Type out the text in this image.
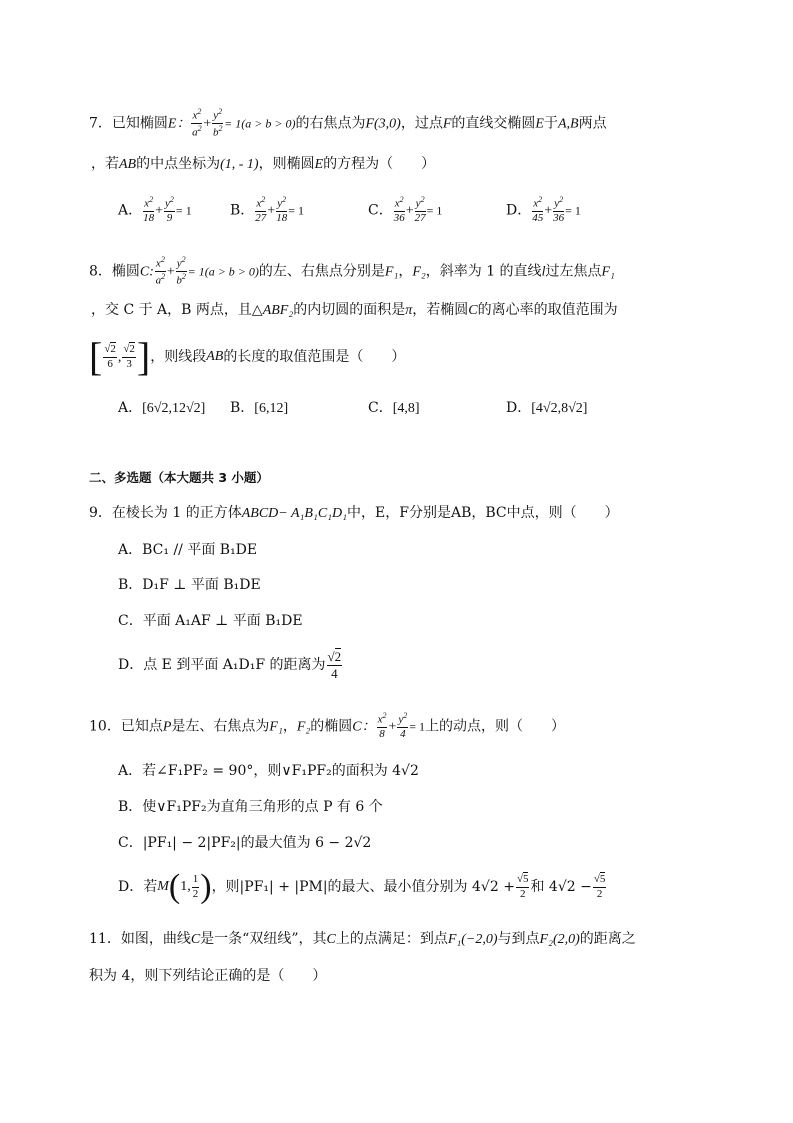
7．已知椭圆E： $\frac{x^2}{a^2} + \frac{y^2}{b^2} = 1(a > b > 0)$的右焦点为F(3,0)，过点F的直线交椭圆E于A,B两点
，若AB的中点坐标为(1, - 1)，则椭圆E的方程为（　　）
A． $\frac{x^2}{18} + \frac{y^2}{9} = 1$	B． $\frac{x^2}{27} + \frac{y^2}{18} = 1$	C． $\frac{x^2}{36} + \frac{y^2}{27} = 1$	D． $\frac{x^2}{45} + \frac{y^2}{36} = 1$
8．椭圆C: $\frac{x^2}{a^2} + \frac{y^2}{b^2} = 1(a > b > 0)$的左、右焦点分别是F₁，F₂，斜率为 1 的直线l过左焦点F₁
，交 C 于 A，B 两点，且△ABF₂的内切圆的面积是π，若椭圆C的离心率的取值范围为
[ $\frac{√2}{6}$ , $\frac{√2}{3}$ ]，则线段AB的长度的取值范围是（　　）
A．[6√2,12√2] B．[6,12]	C．[4,8]	D．[4√2,8√2]
二、多选题（本大题共 3 小题）
9．在棱长为 1 的正方体ABCD− A₁B₁C₁D₁中，E，F分别是AB，BC中点，则（　　）
A．BC₁ // 平面 B₁DE
B．D₁F ⊥ 平面 B₁DE
C．平面 A₁AF ⊥ 平面 B₁DE
D．点 E 到平面 A₁D₁F 的距离为 $\frac{√2}{4}$
10．已知点P是左、右焦点为F₁，F₂的椭圆C： $\frac{x^2}{8} + \frac{y^2}{4} = 1$上的动点，则（　　）
A．若∠F₁PF₂ = 90°，则∨F₁PF₂的面积为 4√2
B．使∨F₁PF₂为直角三角形的点 P 有 6 个
C．|PF₁| − 2|PF₂|的最大值为 6 − 2√2
D．若M(1, $\frac{1}{2}$ )，则|PF₁| + |PM|的最大、最小值分别为 $4√2 + \frac{√5}{2}$ 和 $4√2 - \frac{√5}{2}$
11．如图，曲线C是一条“双纽线”，其C上的点满足：到点F₁(−2,0)与到点F₂(2,0)的距离之
积为 4，则下列结论正确的是（　　）
